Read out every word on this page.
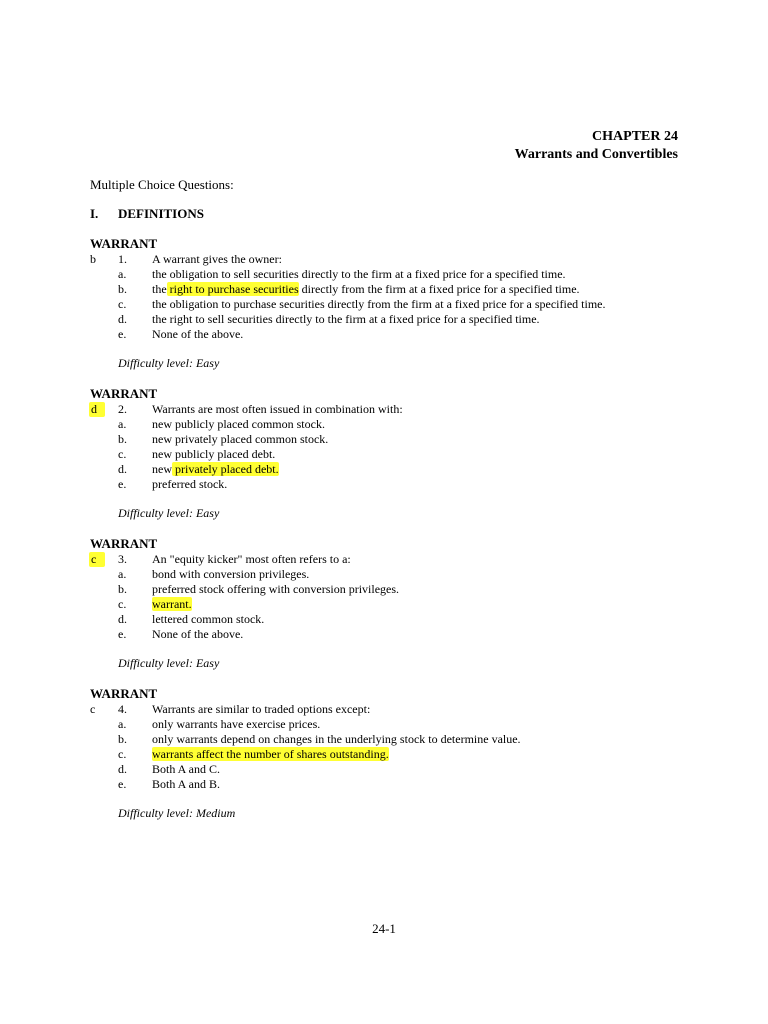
CHAPTER 24
Warrants and Convertibles
Multiple Choice Questions:
I. DEFINITIONS
WARRANT
b	1. A warrant gives the owner:
a. the obligation to sell securities directly to the firm at a fixed price for a specified time.
b. the right to purchase securities directly from the firm at a fixed price for a specified time.
c. the obligation to purchase securities directly from the firm at a fixed price for a specified time.
d. the right to sell securities directly to the firm at a fixed price for a specified time.
e. None of the above.
Difficulty level: Easy
WARRANT
d	2. Warrants are most often issued in combination with:
a. new publicly placed common stock.
b. new privately placed common stock.
c. new publicly placed debt.
d. new privately placed debt.
e. preferred stock.
Difficulty level: Easy
WARRANT
c	3. An "equity kicker" most often refers to a:
a. bond with conversion privileges.
b. preferred stock offering with conversion privileges.
c. warrant.
d. lettered common stock.
e. None of the above.
Difficulty level: Easy
WARRANT
c	4. Warrants are similar to traded options except:
a. only warrants have exercise prices.
b. only warrants depend on changes in the underlying stock to determine value.
c. warrants affect the number of shares outstanding.
d. Both A and C.
e. Both A and B.
Difficulty level: Medium
24-1
